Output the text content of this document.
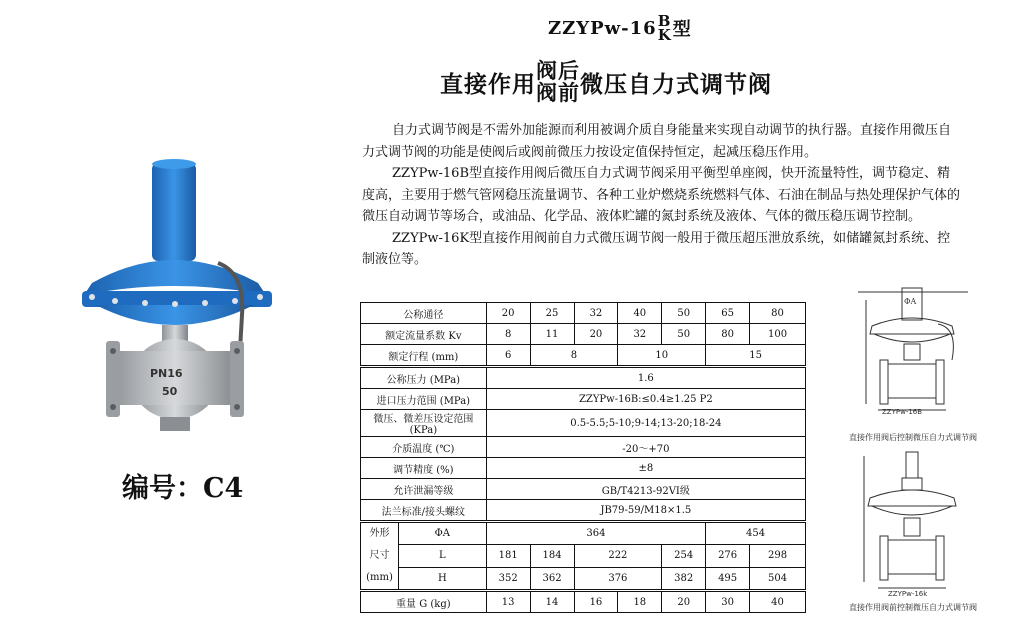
ZZYPw-16 B
K 型
直接作用 阀后
阀前 微压自力式调节阀

自力式调节阀是不需外加能源而利用被调介质自身能量来实现自动调节的执行器。直接作用微压自力式调节阀的功能是使阀后或阀前微压力按设定值保持恒定，起减压稳压作用。

ZZYPw-16B型直接作用阀后微压自力式调节阀采用平衡型单座阀，快开流量特性，调节稳定、精度高，主要用于燃气管网稳压流量调节、各种工业炉燃烧系统燃料气体、石油在制品与热处理保护气体的微压自动调节等场合，或油品、化学品、液体贮罐的氮封系统及液体、气体的微压稳压调节控制。

ZZYPw-16K型直接作用阀前自力式微压调节阀一般用于微压超压泄放系统，如储罐氮封系统、控制液位等。

PN16
50
编号：C4
公称通径		20	25	32	40	50	65	80
额定流量系数 Kv		8	11	20	32	50	80	100
额定行程 (mm)		6	8		10		15	
公称压力 (MPa)		1.6						
进口压力范围 (MPa)		ZZYPw-16B:≤0.4≥1.25 P2						
微压、微差压设定范围 (KPa)		0.5-5.5;5-10;9-14;13-20;18-24						
介质温度 (℃)		-20～+70						
调节精度 (%)		±8						
允许泄漏等级		GB/T4213-92VI级						
法兰标准/接头螺纹		JB79-59/M18×1.5						
外形
尺寸
(mm)	ΦA	364					454	
	L	181	184	222		254	276	298
	H	352	362	376		382	495	504
重量 G (kg)		13	14	16	18	20	30	40
ΦA
ZZYPw-16B
直接作用阀后控制微压自力式调节阀
ZZYPw-16k
直接作用阀前控制微压自力式调节阀
